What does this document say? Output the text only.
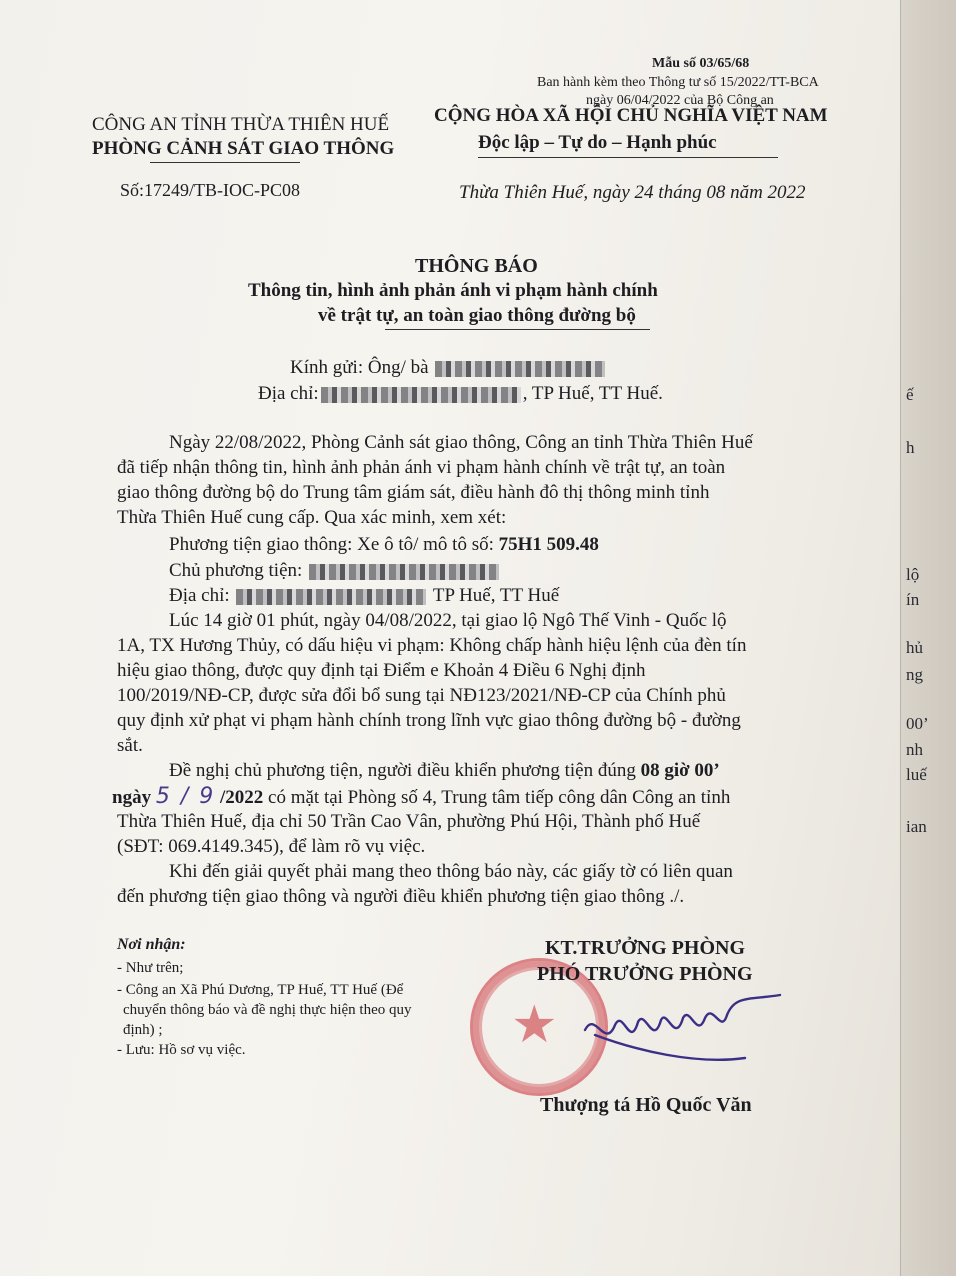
ế
h
lộ
ín
hủ
ng
00’
nh
luế
ian
Mẫu số 03/65/68
Ban hành kèm theo Thông tư số 15/2022/TT-BCA
ngày 06/04/2022 của Bộ Công an
CÔNG AN TỈNH THỪA THIÊN HUẾ
PHÒNG CẢNH SÁT GIAO THÔNG
Số:17249/TB-IOC-PC08
CỘNG HÒA XÃ HỘI CHỦ NGHĨA VIỆT NAM
Độc lập – Tự do – Hạnh phúc
Thừa Thiên Huế, ngày 24 tháng 08 năm 2022
THÔNG BÁO
Thông tin, hình ảnh phản ánh vi phạm hành chính
về trật tự, an toàn giao thông đường bộ
Kính gửi: Ông/ bà
Địa chỉ:	, TP Huế, TT Huế.
Ngày 22/08/2022, Phòng Cảnh sát giao thông, Công an tỉnh Thừa Thiên Huế
đã tiếp nhận thông tin, hình ảnh phản ánh vi phạm hành chính về trật tự, an toàn
giao thông đường bộ do Trung tâm giám sát, điều hành đô thị thông minh tỉnh
Thừa Thiên Huế cung cấp. Qua xác minh, xem xét:
Phương tiện giao thông: Xe ô tô/ mô tô số: 75H1 509.48
Chủ phương tiện:
Địa chỉ:	TP Huế, TT Huế
Lúc 14 giờ 01 phút, ngày 04/08/2022, tại giao lộ Ngô Thế Vinh - Quốc lộ
1A, TX Hương Thủy, có dấu hiệu vi phạm: Không chấp hành hiệu lệnh của đèn tín
hiệu giao thông, được quy định tại Điểm e Khoản 4 Điều 6 Nghị định
100/2019/NĐ-CP, được sửa đổi bổ sung tại NĐ123/2021/NĐ-CP của Chính phủ
quy định xử phạt vi phạm hành chính trong lĩnh vực giao thông đường bộ - đường
sắt.
Đề nghị chủ phương tiện, người điều khiển phương tiện đúng 08 giờ 00’
ngày 5 / 9 /2022 có mặt tại Phòng số 4, Trung tâm tiếp công dân Công an tỉnh
Thừa Thiên Huế, địa chỉ 50 Trần Cao Vân, phường Phú Hội, Thành phố Huế
(SĐT: 069.4149.345), để làm rõ vụ việc.
Khi đến giải quyết phải mang theo thông báo này, các giấy tờ có liên quan
đến phương tiện giao thông và người điều khiển phương tiện giao thông ./.
Nơi nhận:
- Như trên;
- Công an Xã Phú Dương, TP Huế, TT Huế (Để
chuyển thông báo và đề nghị thực hiện theo quy
định) ;
- Lưu: Hồ sơ vụ việc.	★
KT.TRƯỞNG PHÒNG
PHÓ TRƯỞNG PHÒNG
Thượng tá Hồ Quốc Văn
